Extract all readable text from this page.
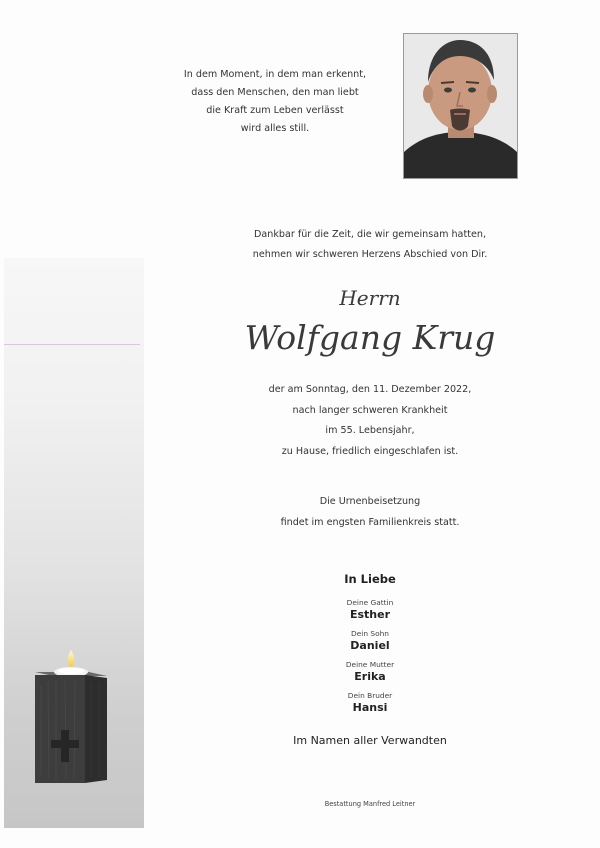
In dem Moment, in dem man erkennt,
dass den Menschen, den man liebt
die Kraft zum Leben verlässt
wird alles still.
Dankbar für die Zeit, die wir gemeinsam hatten,
nehmen wir schweren Herzens Abschied von Dir.
Herrn
Wolfgang Krug
der am Sonntag, den 11. Dezember 2022,
nach langer schweren Krankheit
im 55. Lebensjahr,
zu Hause, friedlich eingeschlafen ist.
Die Urnenbeisetzung
findet im engsten Familienkreis statt.
In Liebe
Deine Gattin
Esther
Dein Sohn
Daniel
Deine Mutter
Erika
Dein Bruder
Hansi
Im Namen aller Verwandten
Bestattung Manfred Leitner
